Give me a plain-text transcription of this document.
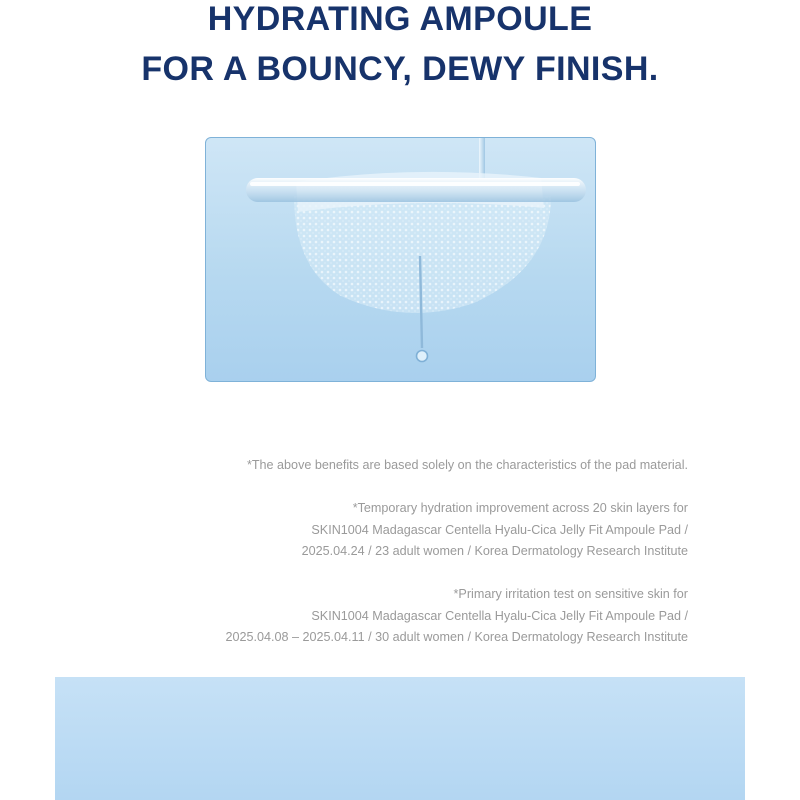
HYDRATING AMPOULE
FOR A BOUNCY, DEWY FINISH.
*The above benefits are based solely on the characteristics of the pad material.
*Temporary hydration improvement across 20 skin layers for
SKIN1004 Madagascar Centella Hyalu-Cica Jelly Fit Ampoule Pad /
2025.04.24 / 23 adult women / Korea Dermatology Research Institute
*Primary irritation test on sensitive skin for
SKIN1004 Madagascar Centella Hyalu-Cica Jelly Fit Ampoule Pad /
2025.04.08 – 2025.04.11 / 30 adult women / Korea Dermatology Research Institute
